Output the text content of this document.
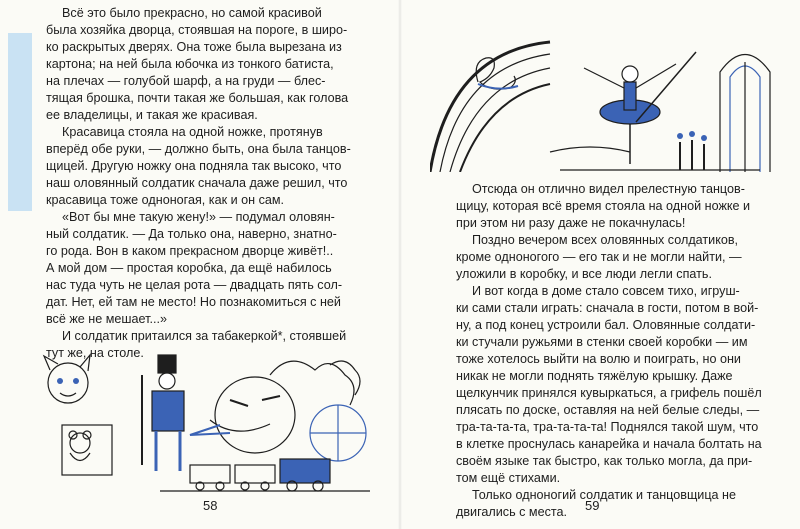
Всё это было прекрасно, но самой красивой
была хозяйка дворца, стоявшая на пороге, в широ-
ко раскрытых дверях. Она тоже была вырезана из
картона; на ней была юбочка из тонкого батиста,
на плечах — голубой шарф, а на груди — блес-
тящая брошка, почти такая же большая, как голова
ее владелицы, и такая же красивая.

Красавица стояла на одной ножке, протянув
вперёд обе руки, — должно быть, она была танцов-
щицей. Другую ножку она подняла так высоко, что
наш оловянный солдатик сначала даже решил, что
красавица тоже одноногая, как и он сам.

«Вот бы мне такую жену!» — подумал оловян-
ный солдатик. — Да только она, наверно, знатно-
го рода. Вон в каком прекрасном дворце живёт!..
А мой дом — простая коробка, да ещё набилось
нас туда чуть не целая рота — двадцать пять сол-
дат. Нет, ей там не место! Но познакомиться с ней
всё же не мешает...»

И солдатик притаился за табакеркой*, стоявшей
тут же, на столе.

58

Отсюда он отлично видел прелестную танцов-
щицу, которая всё время стояла на одной ножке и
при этом ни разу даже не покачнулась!

Поздно вечером всех оловянных солдатиков,
кроме одноногого — его так и не могли найти, —
уложили в коробку, и все люди легли спать.

И вот когда в доме стало совсем тихо, игруш-
ки сами стали играть: сначала в гости, потом в вой-
ну, а под конец устроили бал. Оловянные солдати-
ки стучали ружьями в стенки своей коробки — им
тоже хотелось выйти на волю и поиграть, но они
никак не могли поднять тяжёлую крышку. Даже
щелкунчик принялся кувыркаться, а грифель пошёл
плясать по доске, оставляя на ней белые следы, —
тра-та-та-та, тра-та-та-та! Поднялся такой шум, что
в клетке проснулась канарейка и начала болтать на
своём языке так быстро, как только могла, да при-
том ещё стихами.

Только одноногий солдатик и танцовщица не
двигались с места.	59
